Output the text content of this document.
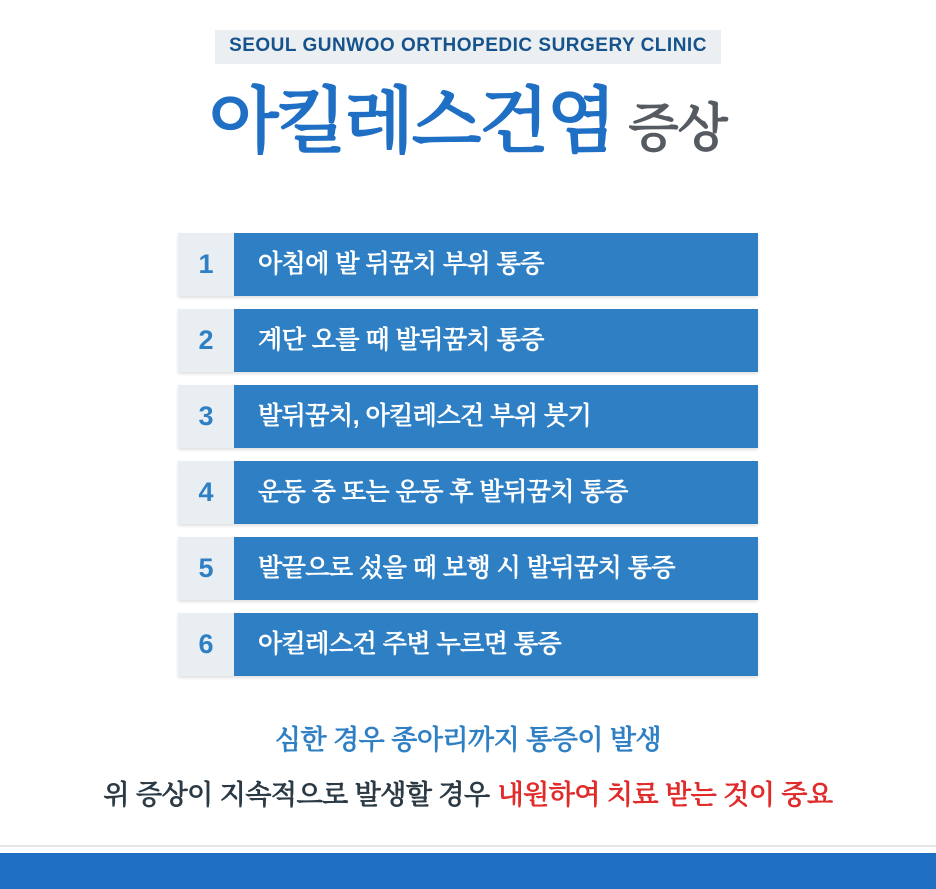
SEOUL GUNWOO ORTHOPEDIC SURGERY CLINIC
아킬레스건염 증상
1	아침에 발 뒤꿈치 부위 통증
2	계단 오를 때 발뒤꿈치 통증
3	발뒤꿈치, 아킬레스건 부위 붓기
4	운동 중 또는 운동 후 발뒤꿈치 통증
5	발끝으로 섰을 때 보행 시 발뒤꿈치 통증
6	아킬레스건 주변 누르면 통증
심한 경우 종아리까지 통증이 발생
위 증상이 지속적으로 발생할 경우 내원하여 치료 받는 것이 중요
